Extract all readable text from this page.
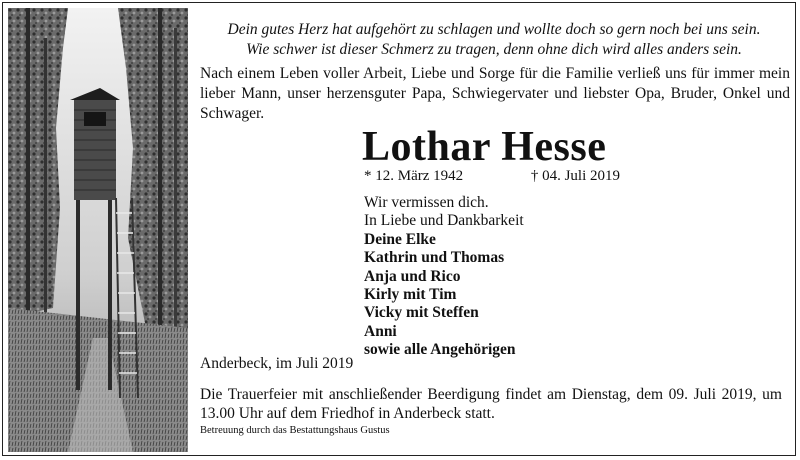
Dein gutes Herz hat aufgehört zu schlagen und wollte doch so gern noch bei uns sein.
Wie schwer ist dieser Schmerz zu tragen, denn ohne dich wird alles anders sein.
Nach einem Leben voller Arbeit, Liebe und Sorge für die Familie verließ uns für immer mein lieber Mann, unser herzensguter Papa, Schwiegervater und liebster Opa, Bruder, Onkel und Schwager.
Lothar Hesse
* 12. März 1942	† 04. Juli 2019
Wir vermissen dich.
In Liebe und Dankbarkeit
Deine Elke
Kathrin und Thomas
Anja und Rico
Kirly mit Tim
Vicky mit Steffen
Anni
sowie alle Angehörigen
Anderbeck, im Juli 2019
Die Trauerfeier mit anschließender Beerdigung findet am Dienstag, dem 09. Juli 2019, um 13.00 Uhr auf dem Friedhof in Anderbeck statt.
Betreuung durch das Bestattungshaus Gustus
